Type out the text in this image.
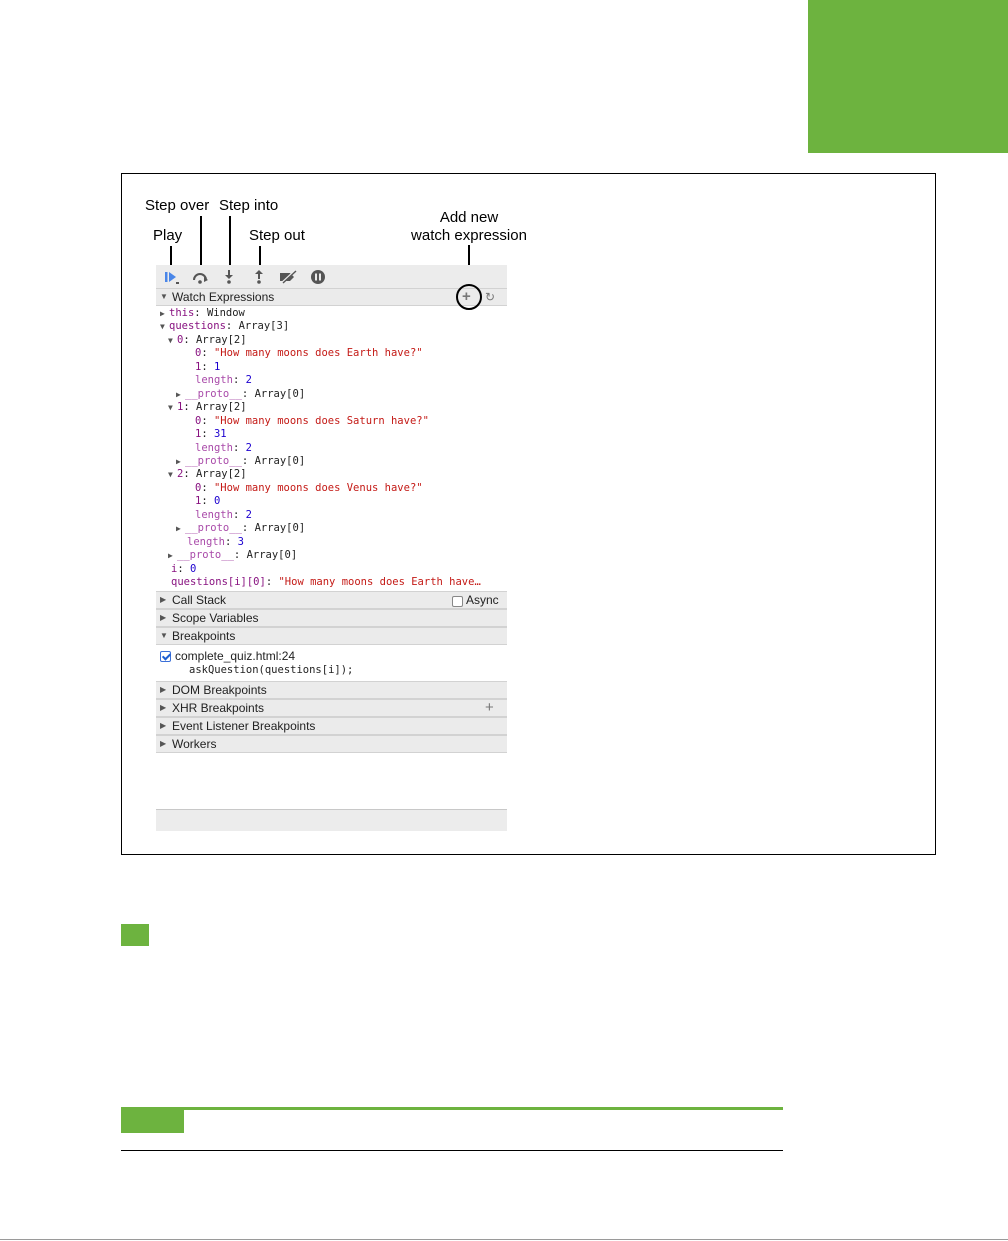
Step over Step into
Play	Step out
Add new
watch expression
▼ Watch Expressions	+ ↻
▶ this: Window
▼ questions: Array[3]
▼ 0: Array[2]
0: "How many moons does Earth have?"
1: 1
length: 2
▶ __proto__: Array[0]
▼ 1: Array[2]
0: "How many moons does Saturn have?"
1: 31
length: 2
▶ __proto__: Array[0]
▼ 2: Array[2]
0: "How many moons does Venus have?"
1: 0
length: 2
▶ __proto__: Array[0]
length: 3
▶ __proto__: Array[0]
i: 0
questions[i][0]: "How many moons does Earth have…
▶ Call Stack	Async
▶ Scope Variables
▼ Breakpoints
complete_quiz.html:24
askQuestion(questions[i]);
▶ DOM Breakpoints
▶ XHR Breakpoints	+
▶ Event Listener Breakpoints
▶ Workers
